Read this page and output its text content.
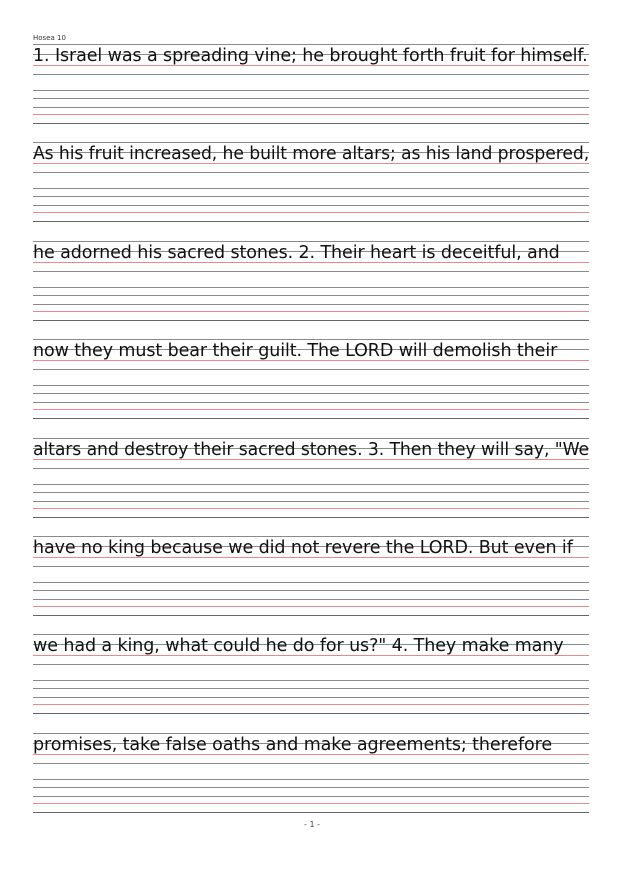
Hosea 10
1. Israel was a spreading vine; he brought forth fruit for himself.
As his fruit increased, he built more altars; as his land prospered,
he adorned his sacred stones. 2. Their heart is deceitful, and
now they must bear their guilt. The LORD will demolish their
altars and destroy their sacred stones. 3. Then they will say, "We
have no king because we did not revere the LORD. But even if
we had a king, what could he do for us?" 4. They make many
promises, take false oaths and make agreements; therefore
- 1 -
